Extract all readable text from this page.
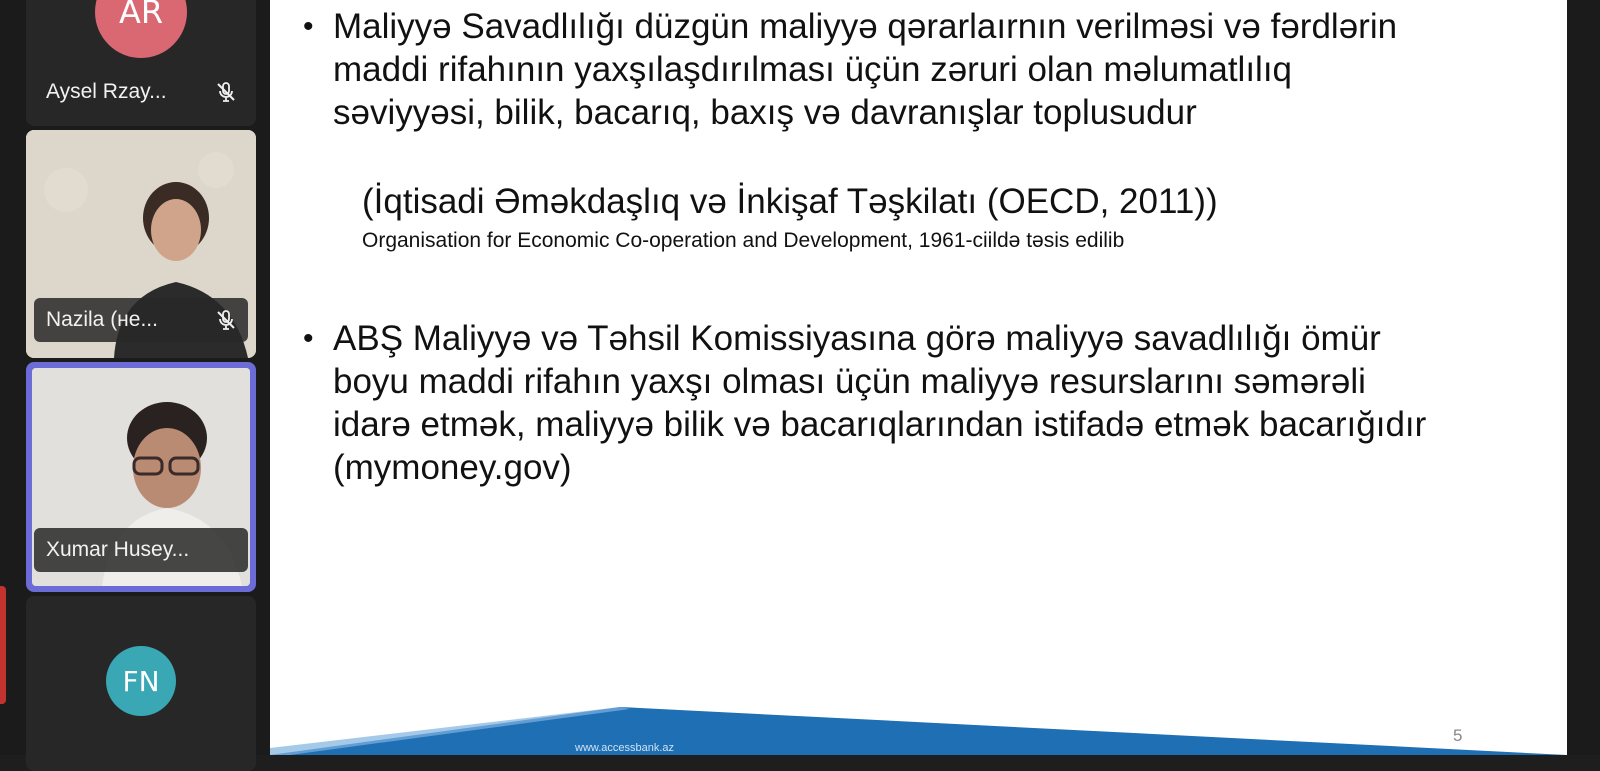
AR
Aysel Rzay...
Nazila (не...
Xumar Husey...
FN
• Maliyyə Savadlılığı düzgün maliyyə qərarlaırnın verilməsi və fərdlərin maddi rifahının yaxşılaşdırılması üçün zəruri olan məlumatlılıq səviyyəsi, bilik, bacarıq, baxış və davranışlar toplusudur
(İqtisadi Əməkdaşlıq və İnkişaf Təşkilatı (OECD, 2011))
Organisation for Economic Co-operation and Development, 1961-ciildə təsis edilib
• ABŞ Maliyyə və Təhsil Komissiyasına görə maliyyə savadlılığı ömür boyu maddi rifahın yaxşı olması üçün maliyyə resurslarını səmərəli idarə etmək, maliyyə bilik və bacarıqlarından istifadə etmək bacarığıdır (mymoney.gov)
www.accessbank.az
5
